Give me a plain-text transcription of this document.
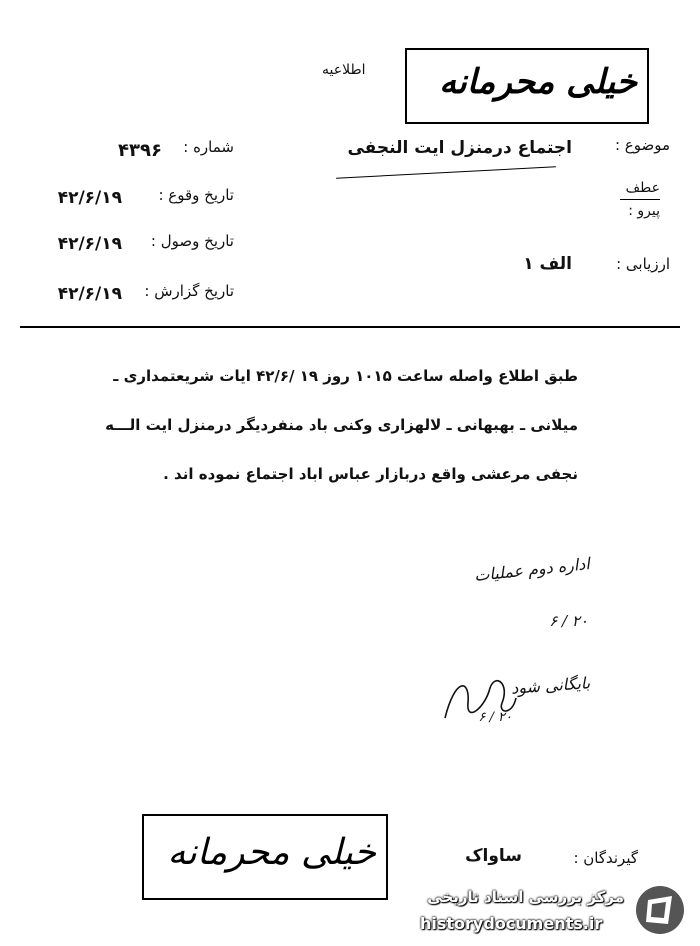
اطلاعیه خیلی محرمانه
موضوع :
اجتماع درمنزل ایت النجفی
شماره :
۴۳۹۶
تاریخ وقوع :
۴۲/۶/۱۹	عطف
پیرو :
تاریخ وصول :
۴۲/۶/۱۹
ارزیابی :
الف ۱
تاریخ گزارش :
۴۲/۶/۱۹
طبق اطلاع واصله ساعت ۱۰۱۵ روز ۱۹ /۴۲/۶ ایات شریعتمداری ـ
میلانی ـ بهبهانی ـ لالهزاری وکنی باد منفردیگر درمنزل ایت الـــه
نجفی مرعشی واقع دربازار عباس اباد اجتماع نموده اند .
اداره دوم عملیات
۲۰ / ۶
بایگانی شود
۲۰ / ۶
خیلی محرمانه	گیرندگان :
ساواک
مرکز بررسی اسناد تاریخی
historydocuments.ir
